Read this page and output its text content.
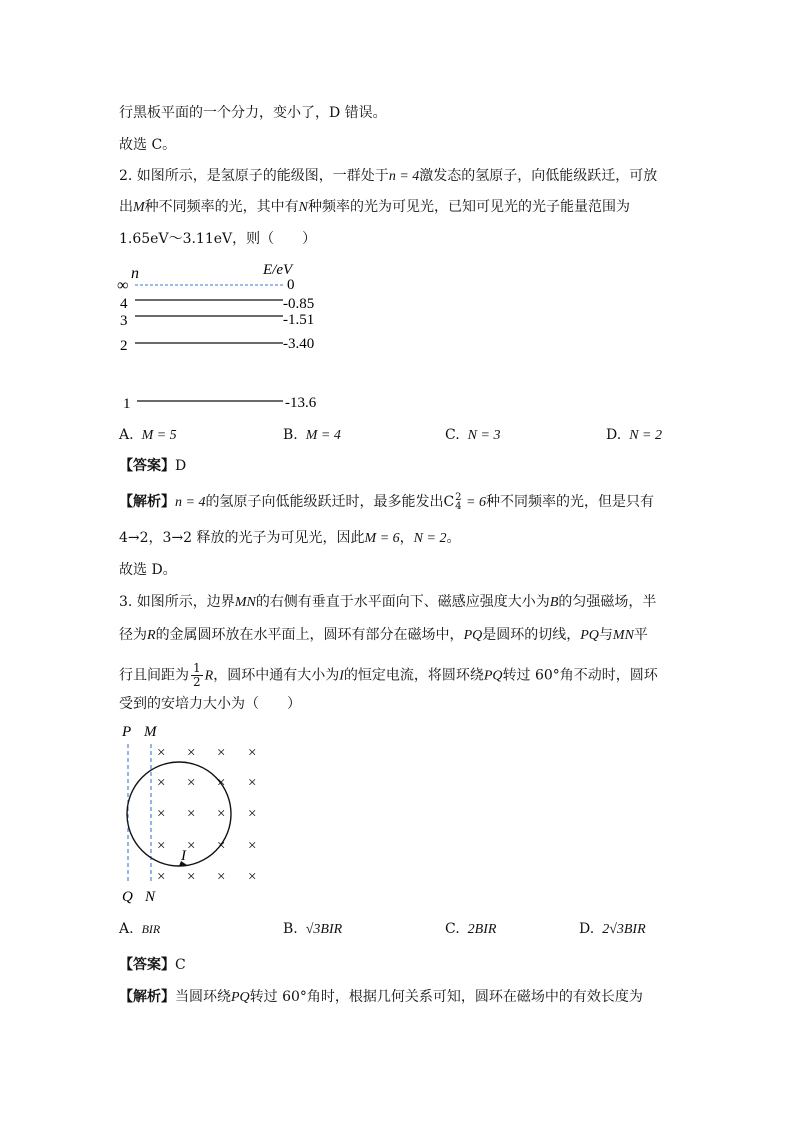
行黑板平面的一个分力，变小了，D 错误。
故选 C。
2. 如图所示，是氢原子的能级图，一群处于n = 4激发态的氢原子，向低能级跃迁，可放
出M种不同频率的光，其中有N种频率的光为可见光，已知可见光的光子能量范围为
1.65eV～3.11eV，则（　　）
n	E/eV
∞	0
4	-0.85
3	-1.51
2	-3.40
1	-13.6
A. M = 5	B. M = 4	C. N = 3	D. N = 2
【答案】D
【解析】n = 4的氢原子向低能级跃迁时，最多能发出C 2
4 = 6种不同频率的光，但是只有
4→2，3→2 释放的光子为可见光，因此M = 6，N = 2。
故选 D。
3. 如图所示，边界MN的右侧有垂直于水平面向下、磁感应强度大小为B的匀强磁场，半
径为R的金属圆环放在水平面上，圆环有部分在磁场中，PQ是圆环的切线，PQ与MN平
行且间距为 $\frac{1}{2}$ R，圆环中通有大小为I的恒定电流，将圆环绕PQ转过 60°角不动时，圆环
受到的安培力大小为（　　）
P M
I
× × × ×
× × × ×
× × × ×
× × × ×
× × × ×
Q N
A. BIR	B. √3BIR	C. 2BIR	D. 2√3BIR
【答案】C
【解析】当圆环绕PQ转过 60°角时，根据几何关系可知，圆环在磁场中的有效长度为
